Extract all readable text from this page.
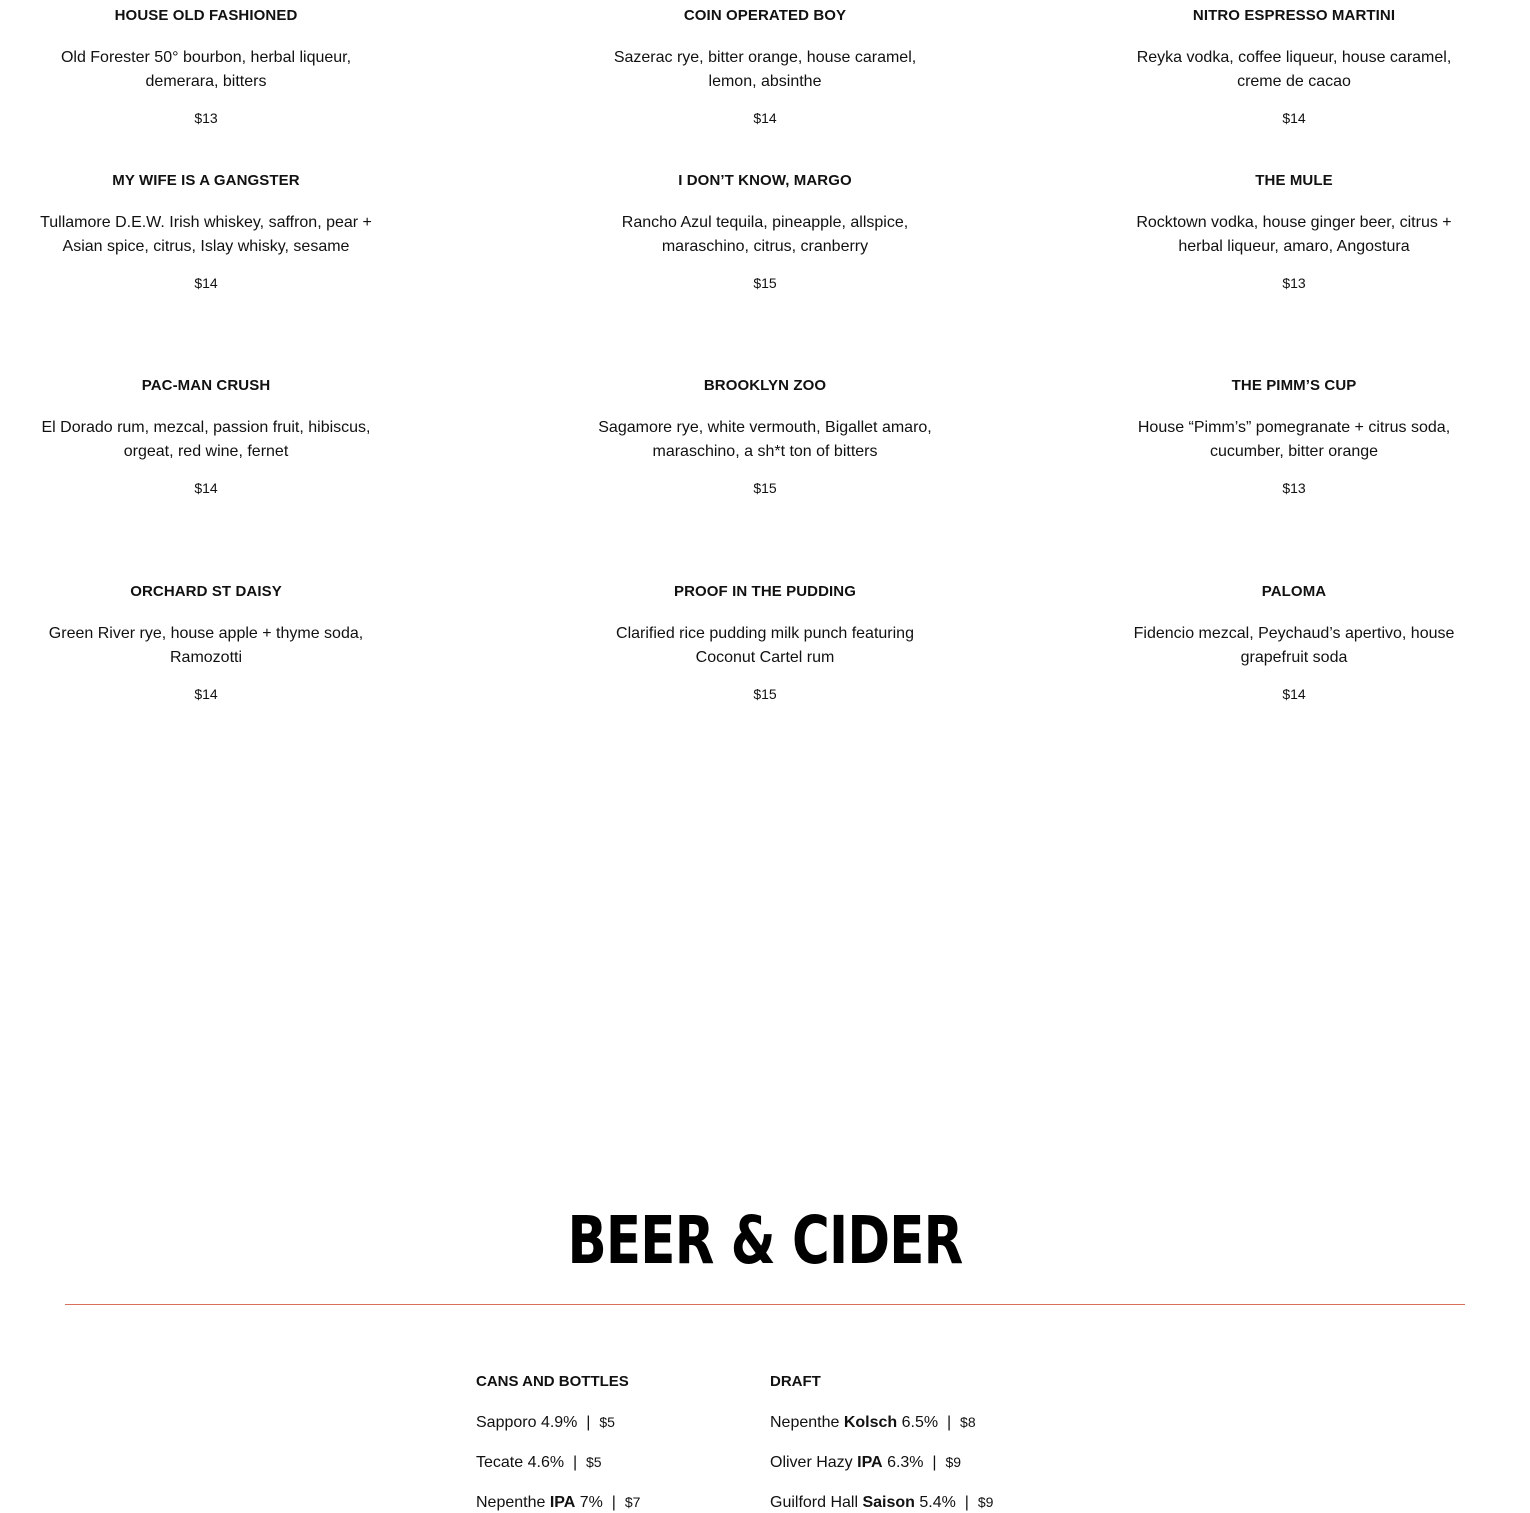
HOUSE OLD FASHIONED
Old Forester 50° bourbon, herbal liqueur, demerara, bitters
$13
MY WIFE IS A GANGSTER
Tullamore D.E.W. Irish whiskey, saffron, pear + Asian spice, citrus, Islay whisky, sesame
$14
PAC-MAN CRUSH
El Dorado rum, mezcal, passion fruit, hibiscus, orgeat, red wine, fernet
$14
ORCHARD ST DAISY
Green River rye, house apple + thyme soda, Ramozotti
$14
COIN OPERATED BOY
Sazerac rye, bitter orange, house caramel, lemon, absinthe
$14
I DON’T KNOW, MARGO
Rancho Azul tequila, pineapple, allspice, maraschino, citrus, cranberry
$15
BROOKLYN ZOO
Sagamore rye, white vermouth, Bigallet amaro, maraschino, a sh*t ton of bitters
$15
PROOF IN THE PUDDING
Clarified rice pudding milk punch featuring Coconut Cartel rum
$15
NITRO ESPRESSO MARTINI
Reyka vodka, coffee liqueur, house caramel, creme de cacao
$14
THE MULE
Rocktown vodka, house ginger beer, citrus + herbal liqueur, amaro, Angostura
$13
THE PIMM’S CUP
House “Pimm’s” pomegranate + citrus soda, cucumber, bitter orange
$13
PALOMA
Fidencio mezcal, Peychaud’s apertivo, house grapefruit soda
$14
BEER & CIDER
CANS AND BOTTLES
Sapporo 4.9%  |  $5
Tecate 4.6%  |  $5
Nepenthe IPA 7%  |  $7
DRAFT
Nepenthe Kolsch 6.5%  |  $8
Oliver Hazy IPA 6.3%  |  $9
Guilford Hall Saison 5.4%  |  $9
